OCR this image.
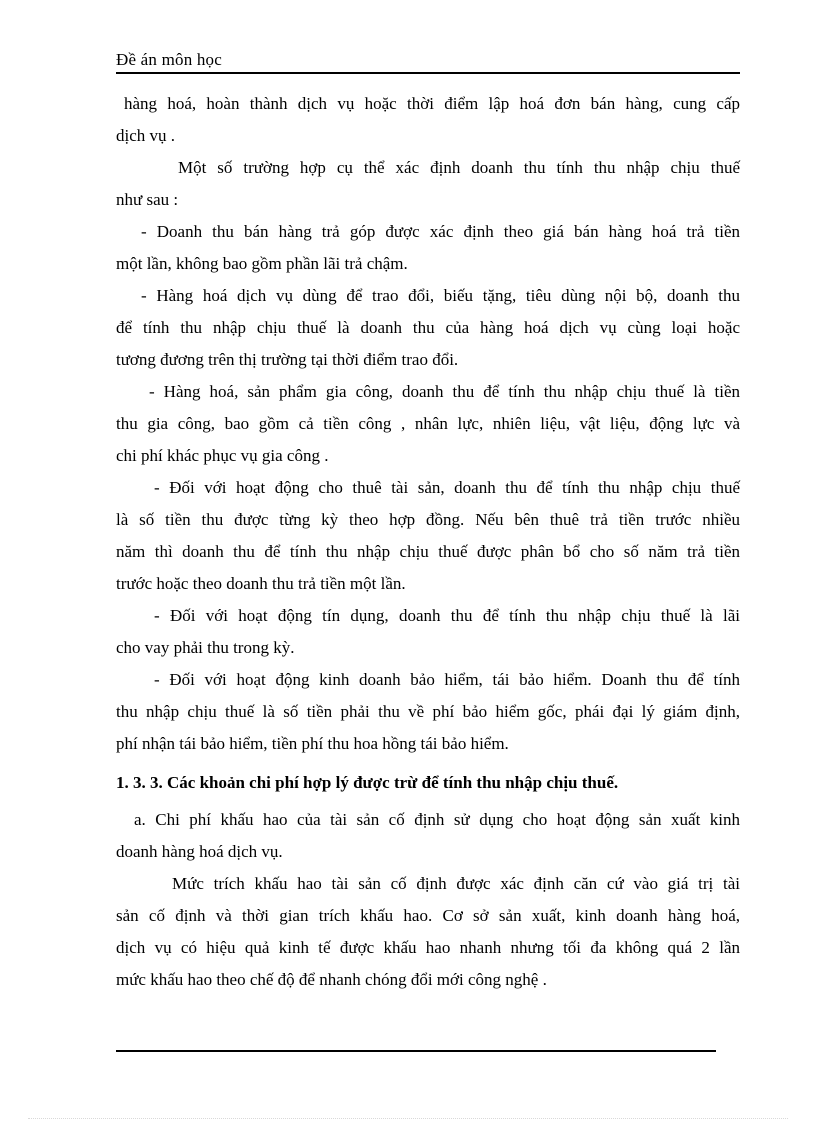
Đề án môn học
hàng hoá, hoàn thành dịch vụ hoặc thời điểm lập hoá đơn bán hàng, cung cấp
dịch vụ .
Một số trường hợp cụ thể xác định doanh thu tính thu nhập chịu thuế
như sau :
- Doanh thu bán hàng trả góp được xác định theo giá bán hàng hoá trả tiền
một lần, không bao gồm phần lãi trả chậm.
- Hàng hoá dịch vụ dùng để trao đổi, biếu tặng, tiêu dùng nội bộ, doanh thu
để tính thu nhập chịu thuế là doanh thu của hàng hoá dịch vụ cùng loại hoặc
tương đương trên thị trường tại thời điểm trao đổi.
- Hàng hoá, sản phẩm gia công, doanh thu để tính thu nhập chịu thuế là tiền
thu gia công, bao gồm cả tiền công , nhân lực, nhiên liệu, vật liệu, động lực và
chi phí khác phục vụ gia công .
- Đối với hoạt động cho thuê tài sản, doanh thu để tính thu nhập chịu thuế
là số tiền thu được từng kỳ theo hợp đồng. Nếu bên thuê trả tiền trước nhiều
năm thì doanh thu để tính thu nhập chịu thuế được phân bổ cho số năm trả tiền
trước hoặc theo doanh thu trả tiền một lần.
- Đối với hoạt động tín dụng, doanh thu để tính thu nhập chịu thuế là lãi
cho vay phải thu trong kỳ.
- Đối với hoạt động kinh doanh bảo hiểm, tái bảo hiểm. Doanh thu để tính
thu nhập chịu thuế là số tiền phải thu về phí bảo hiểm gốc, phái đại lý giám định,
phí nhận tái bảo hiểm, tiền phí thu hoa hồng tái bảo hiểm.
1. 3. 3. Các khoản chi phí hợp lý được trừ để tính thu nhập chịu thuế.
a. Chi phí khấu hao của tài sản cố định sử dụng cho hoạt động sản xuất kinh
doanh hàng hoá dịch vụ.
Mức trích khấu hao tài sản cố định được xác định căn cứ vào giá trị tài
sản cố định và thời gian trích khấu hao. Cơ sở sản xuất, kinh doanh hàng hoá,
dịch vụ có hiệu quả kinh tế được khấu hao nhanh nhưng tối đa không quá 2 lần
mức khấu hao theo chế độ để nhanh chóng đổi mới công nghệ .
